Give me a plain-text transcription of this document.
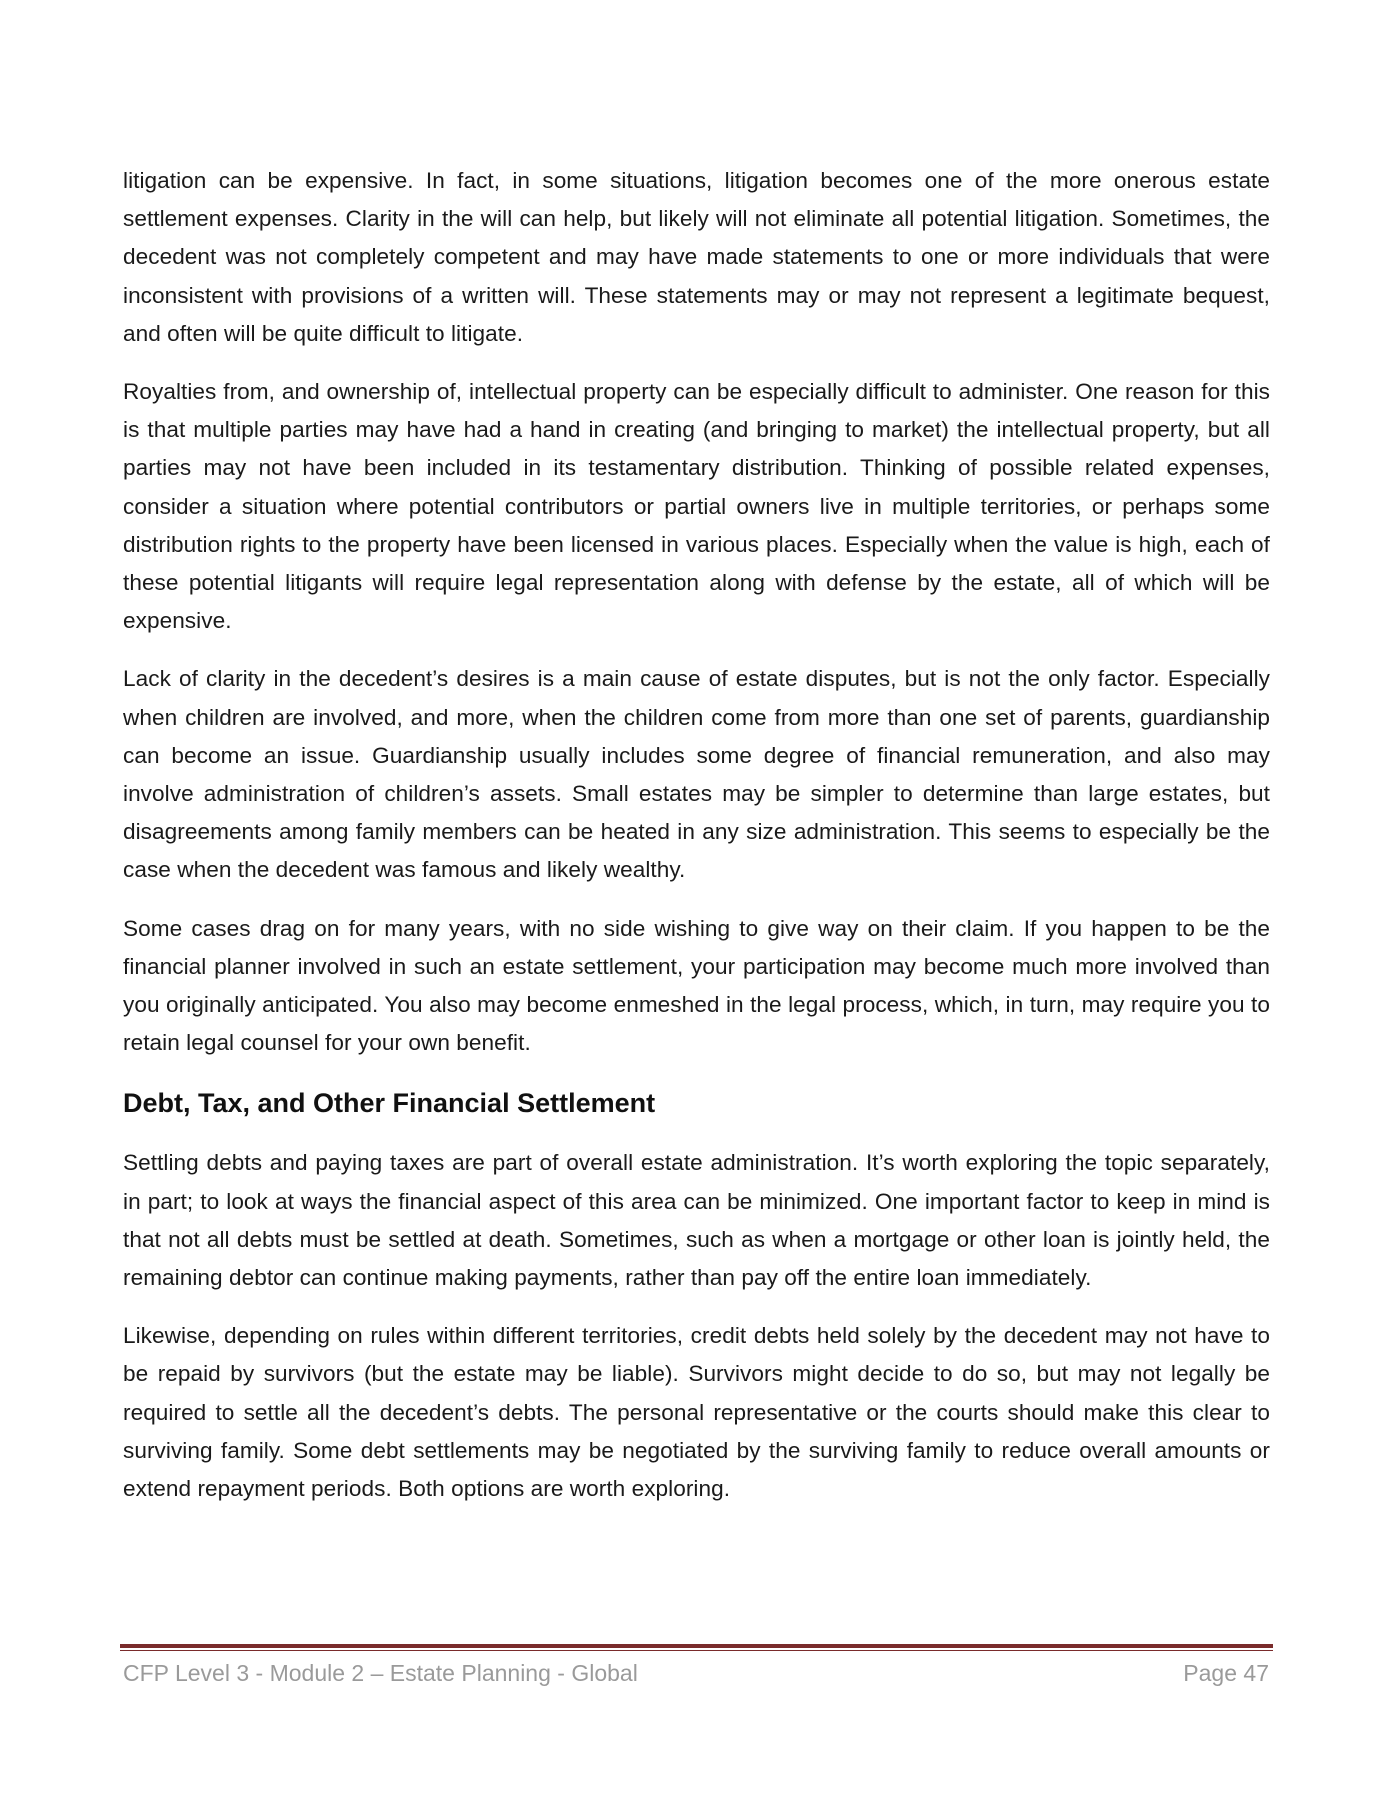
litigation can be expensive. In fact, in some situations, litigation becomes one of the more onerous estate settlement expenses. Clarity in the will can help, but likely will not eliminate all potential litigation. Sometimes, the decedent was not completely competent and may have made statements to one or more individuals that were inconsistent with provisions of a written will. These statements may or may not represent a legitimate bequest, and often will be quite difficult to litigate.

Royalties from, and ownership of, intellectual property can be especially difficult to administer. One reason for this is that multiple parties may have had a hand in creating (and bringing to market) the intellectual property, but all parties may not have been included in its testamentary distribution. Thinking of possible related expenses, consider a situation where potential contributors or partial owners live in multiple territories, or perhaps some distribution rights to the property have been licensed in various places. Especially when the value is high, each of these potential litigants will require legal representation along with defense by the estate, all of which will be expensive.

Lack of clarity in the decedent’s desires is a main cause of estate disputes, but is not the only factor. Especially when children are involved, and more, when the children come from more than one set of parents, guardianship can become an issue. Guardianship usually includes some degree of financial remuneration, and also may involve administration of children’s assets. Small estates may be simpler to determine than large estates, but disagreements among family members can be heated in any size administration. This seems to especially be the case when the decedent was famous and likely wealthy.

Some cases drag on for many years, with no side wishing to give way on their claim. If you happen to be the financial planner involved in such an estate settlement, your participation may become much more involved than you originally anticipated. You also may become enmeshed in the legal process, which, in turn, may require you to retain legal counsel for your own benefit.

Debt, Tax, and Other Financial Settlement

Settling debts and paying taxes are part of overall estate administration. It’s worth exploring the topic separately, in part; to look at ways the financial aspect of this area can be minimized. One important factor to keep in mind is that not all debts must be settled at death. Sometimes, such as when a mortgage or other loan is jointly held, the remaining debtor can continue making payments, rather than pay off the entire loan immediately.

Likewise, depending on rules within different territories, credit debts held solely by the decedent may not have to be repaid by survivors (but the estate may be liable). Survivors might decide to do so, but may not legally be required to settle all the decedent’s debts. The personal representative or the courts should make this clear to surviving family. Some debt settlements may be negotiated by the surviving family to reduce overall amounts or extend repayment periods. Both options are worth exploring.

CFP Level 3 - Module 2 – Estate Planning - Global	Page 47
